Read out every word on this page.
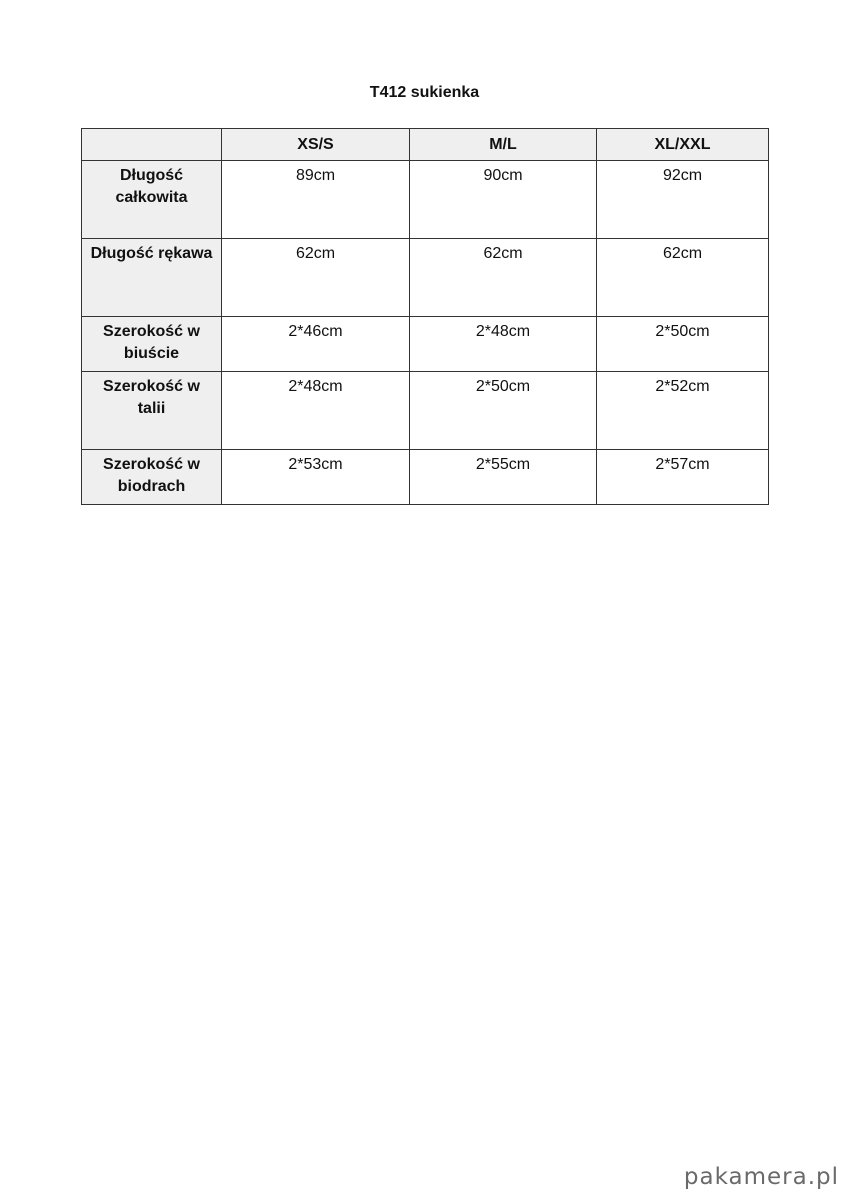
T412 sukienka
	XS/S	M/L	XL/XXL
Długość całkowita	89cm	90cm	92cm
Długość rękawa	62cm	62cm	62cm
Szerokość w biuście	2*46cm	2*48cm	2*50cm
Szerokość w talii	2*48cm	2*50cm	2*52cm
Szerokość w biodrach	2*53cm	2*55cm	2*57cm
pakamera.pl
